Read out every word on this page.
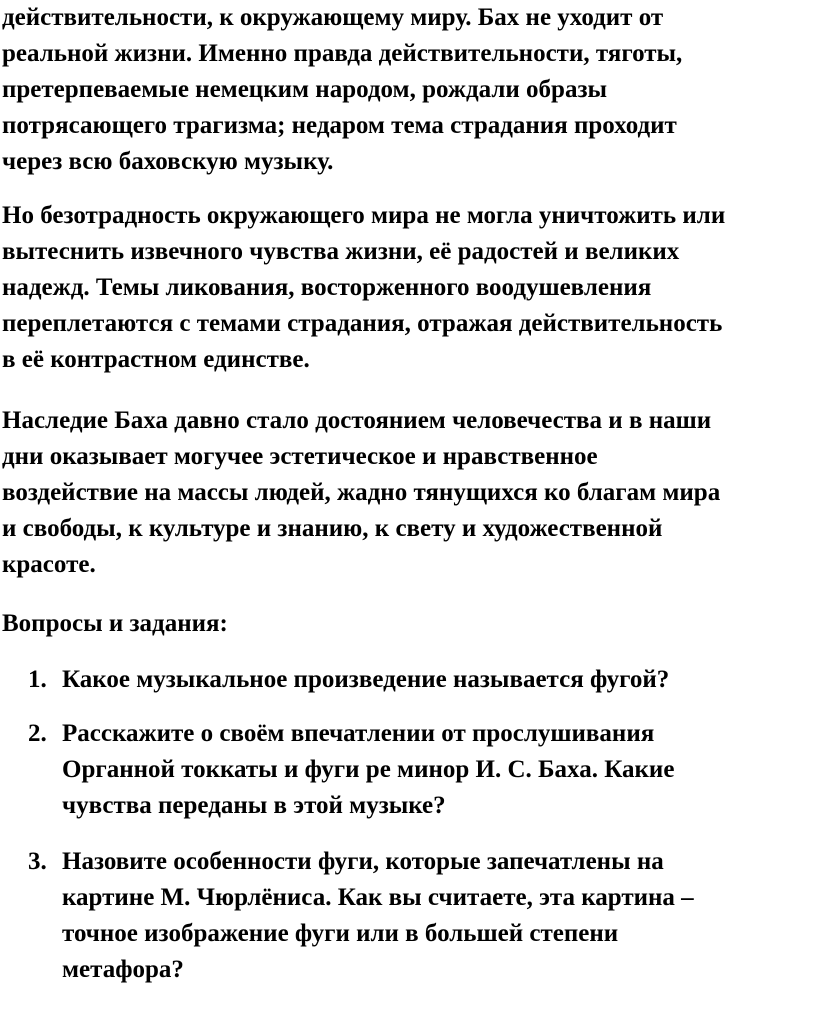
действительности, к окружающему миру. Бах не уходит от
реальной жизни. Именно правда действительности, тяготы,
претерпеваемые немецким народом, рождали образы
потрясающего трагизма; недаром тема страдания проходит
через всю баховскую музыку.
Но безотрадность окружающего мира не могла уничтожить или
вытеснить извечного чувства жизни, её радостей и великих
надежд. Темы ликования, восторженного воодушевления
переплетаются с темами страдания, отражая действительность
в её контрастном единстве.
Наследие Баха давно стало достоянием человечества и в наши
дни оказывает могучее эстетическое и нравственное
воздействие на массы людей, жадно тянущихся ко благам мира
и свободы, к культуре и знанию, к свету и художественной
красоте.
Вопросы и задания:
1. Какое музыкальное произведение называется фугой?
2. Расскажите о своём впечатлении от прослушивания
Органной токкаты и фуги ре минор И. С. Баха. Какие
чувства переданы в этой музыке?
3. Назовите особенности фуги, которые запечатлены на
картине М. Чюрлёниса. Как вы считаете, эта картина –
точное изображение фуги или в большей степени
метафора?
